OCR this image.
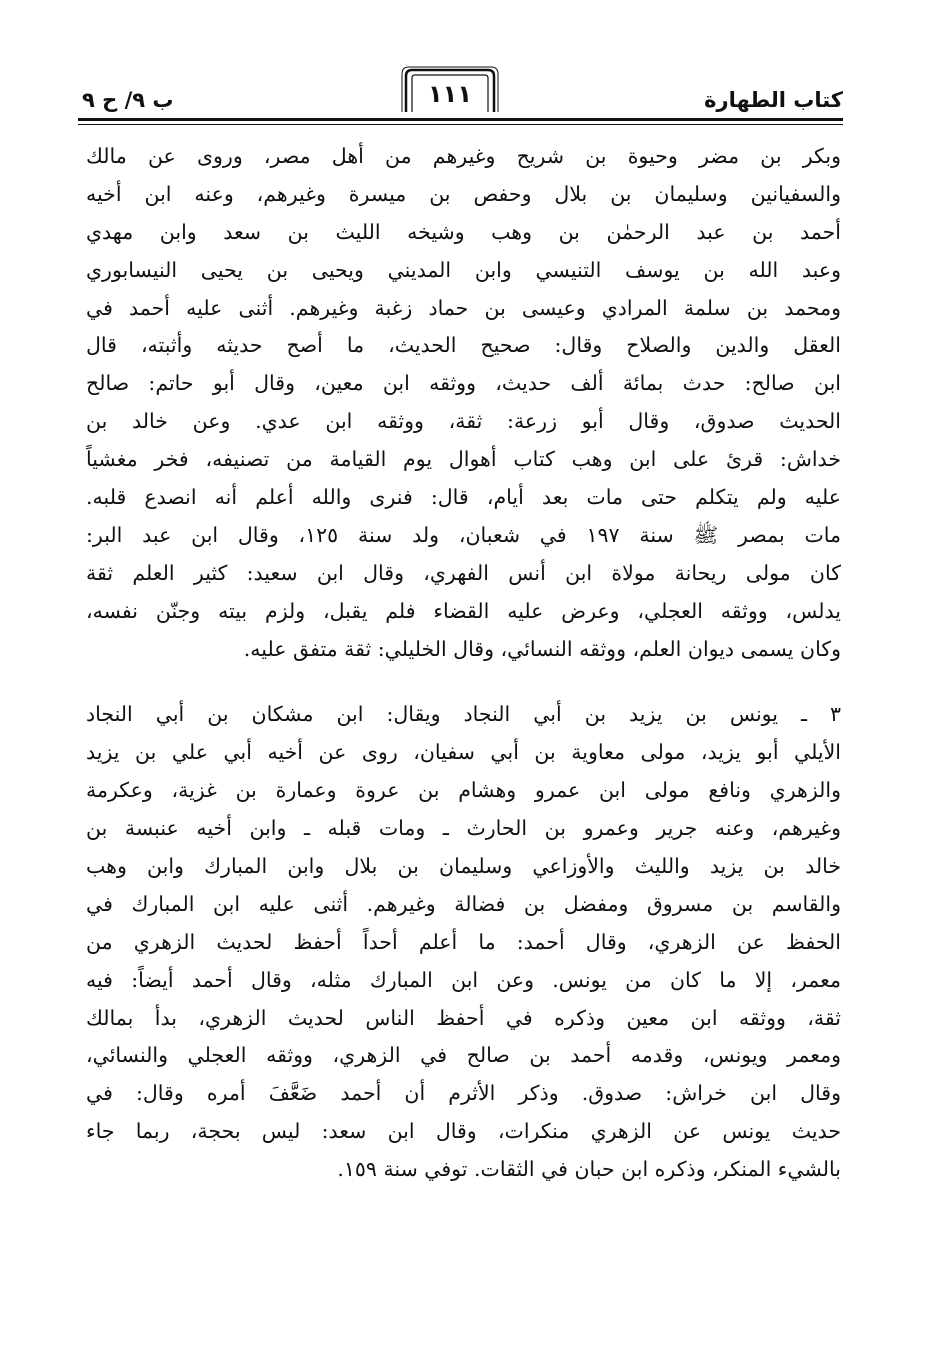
كتاب الطهارة
١١١
ب ٩/ ح ٩
وبكر بن مضر وحيوة بن شريح وغيرهم من أهل مصر، وروى عن مالك
والسفيانين وسليمان بن بلال وحفص بن ميسرة وغيرهم، وعنه ابن أخيه
أحمد بن عبد الرحمٰن بن وهب وشيخه الليث بن سعد وابن مهدي
وعبد الله بن يوسف التنيسي وابن المديني ويحيى بن يحيى النيسابوري
ومحمد بن سلمة المرادي وعيسى بن حماد زغبة وغيرهم. أثنى عليه أحمد في
العقل والدين والصلاح وقال: صحيح الحديث، ما أصح حديثه وأثبته، قال
ابن صالح: حدث بمائة ألف حديث، ووثقه ابن معين، وقال أبو حاتم: صالح
الحديث صدوق، وقال أبو زرعة: ثقة، ووثقه ابن عدي. وعن خالد بن
خداش: قرئ على ابن وهب كتاب أهوال يوم القيامة من تصنيفه، فخر مغشياً
عليه ولم يتكلم حتى مات بعد أيام، قال: فنرى والله أعلم أنه انصدع قلبه.
مات بمصر ﷺ سنة ١٩٧ في شعبان، ولد سنة ١٢٥، وقال ابن عبد البر:
كان مولى ريحانة مولاة ابن أنس الفهري، وقال ابن سعيد: كثير العلم ثقة
يدلس، ووثقه العجلي، وعرض عليه القضاء فلم يقبل، ولزم بيته وجنّن نفسه،
وكان يسمى ديوان العلم، ووثقه النسائي، وقال الخليلي: ثقة متفق عليه.
٣ ـ يونس بن يزيد بن أبي النجاد ويقال: ابن مشكان بن أبي النجاد
الأيلي أبو يزيد، مولى معاوية بن أبي سفيان، روى عن أخيه أبي علي بن يزيد
والزهري ونافع مولى ابن عمرو وهشام بن عروة وعمارة بن غزية، وعكرمة
وغيرهم، وعنه جرير وعمرو بن الحارث ـ ومات قبله ـ وابن أخيه عنبسة بن
خالد بن يزيد والليث والأوزاعي وسليمان بن بلال وابن المبارك وابن وهب
والقاسم بن مسروق ومفضل بن فضالة وغيرهم. أثنى عليه ابن المبارك في
الحفظ عن الزهري، وقال أحمد: ما أعلم أحداً أحفظ لحديث الزهري من
معمر، إلا ما كان من يونس. وعن ابن المبارك مثله، وقال أحمد أيضاً: فيه
ثقة، ووثقه ابن معين وذكره في أحفظ الناس لحديث الزهري، بدأ بمالك
ومعمر ويونس، وقدمه أحمد بن صالح في الزهري، ووثقه العجلي والنسائي،
وقال ابن خراش: صدوق. وذكر الأثرم أن أحمد ضَعَّفَ أمره وقال: في
حديث يونس عن الزهري منكرات، وقال ابن سعد: ليس بحجة، ربما جاء
بالشيء المنكر، وذكره ابن حبان في الثقات. توفي سنة ١٥٩.
